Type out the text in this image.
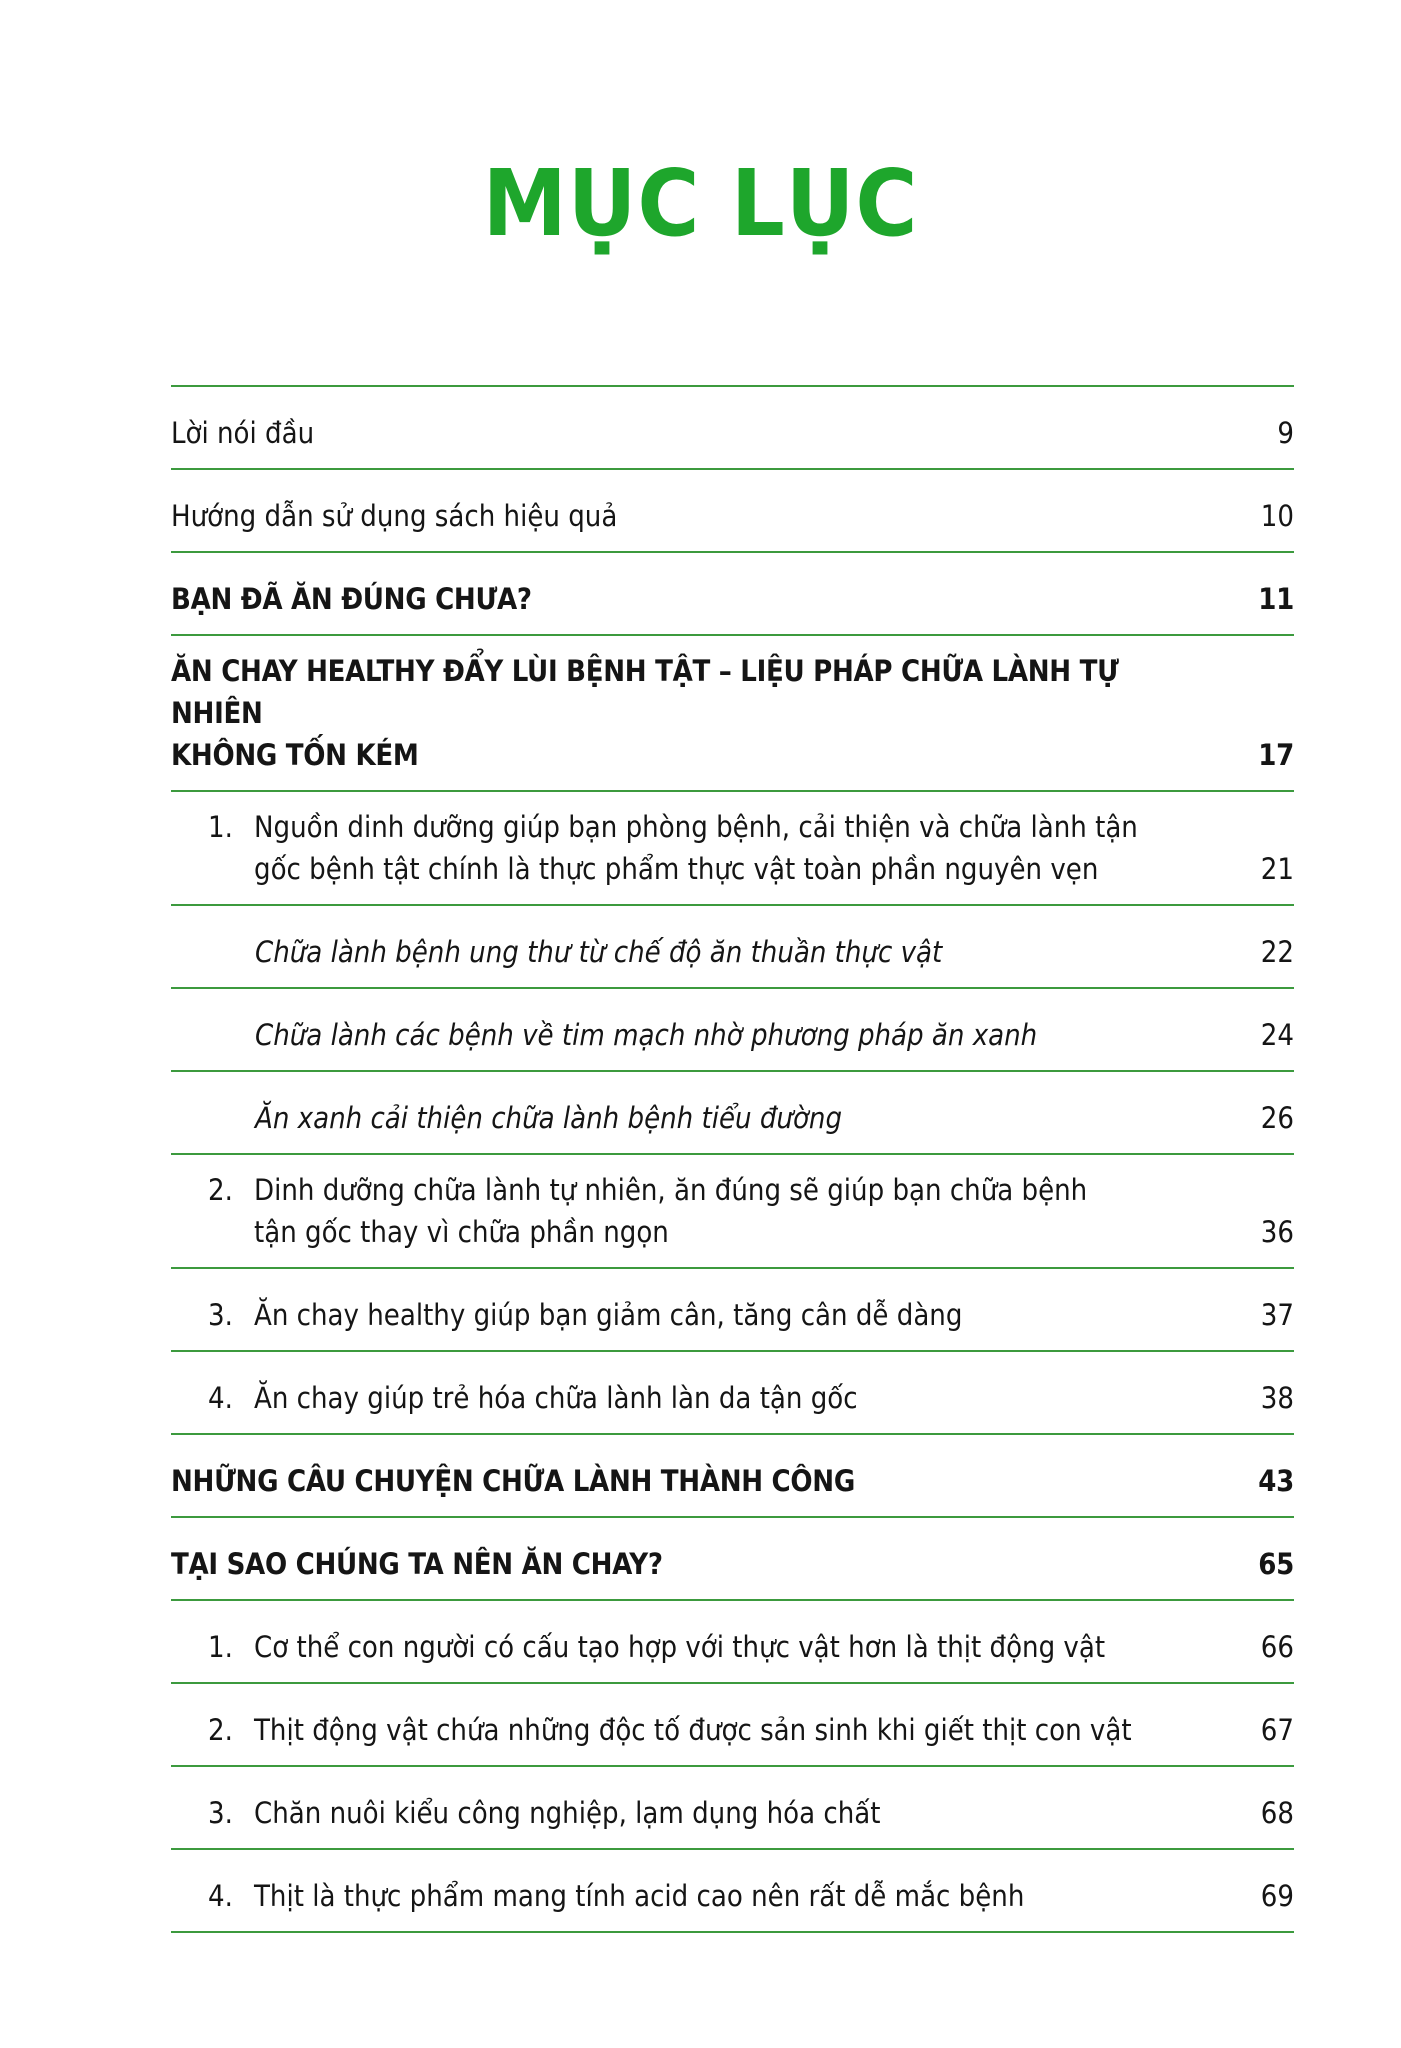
MỤC LỤC
Lời nói đầu	9
Hướng dẫn sử dụng sách hiệu quả	10
BẠN ĐÃ ĂN ĐÚNG CHƯA?	11
ĂN CHAY HEALTHY ĐẨY LÙI BỆNH TẬT – LIỆU PHÁP CHỮA LÀNH TỰ NHIÊN
KHÔNG TỐN KÉM	17
1. Nguồn dinh dưỡng giúp bạn phòng bệnh, cải thiện và chữa lành tận
gốc bệnh tật chính là thực phẩm thực vật toàn phần nguyên vẹn	21
Chữa lành bệnh ung thư từ chế độ ăn thuần thực vật	22
Chữa lành các bệnh về tim mạch nhờ phương pháp ăn xanh	24
Ăn xanh cải thiện chữa lành bệnh tiểu đường	26
2. Dinh dưỡng chữa lành tự nhiên, ăn đúng sẽ giúp bạn chữa bệnh
tận gốc thay vì chữa phần ngọn	36
3. Ăn chay healthy giúp bạn giảm cân, tăng cân dễ dàng	37
4. Ăn chay giúp trẻ hóa chữa lành làn da tận gốc	38
NHỮNG CÂU CHUYỆN CHỮA LÀNH THÀNH CÔNG	43
TẠI SAO CHÚNG TA NÊN ĂN CHAY?	65
1. Cơ thể con người có cấu tạo hợp với thực vật hơn là thịt động vật	66
2. Thịt động vật chứa những độc tố được sản sinh khi giết thịt con vật	67
3. Chăn nuôi kiểu công nghiệp, lạm dụng hóa chất	68
4. Thịt là thực phẩm mang tính acid cao nên rất dễ mắc bệnh	69
